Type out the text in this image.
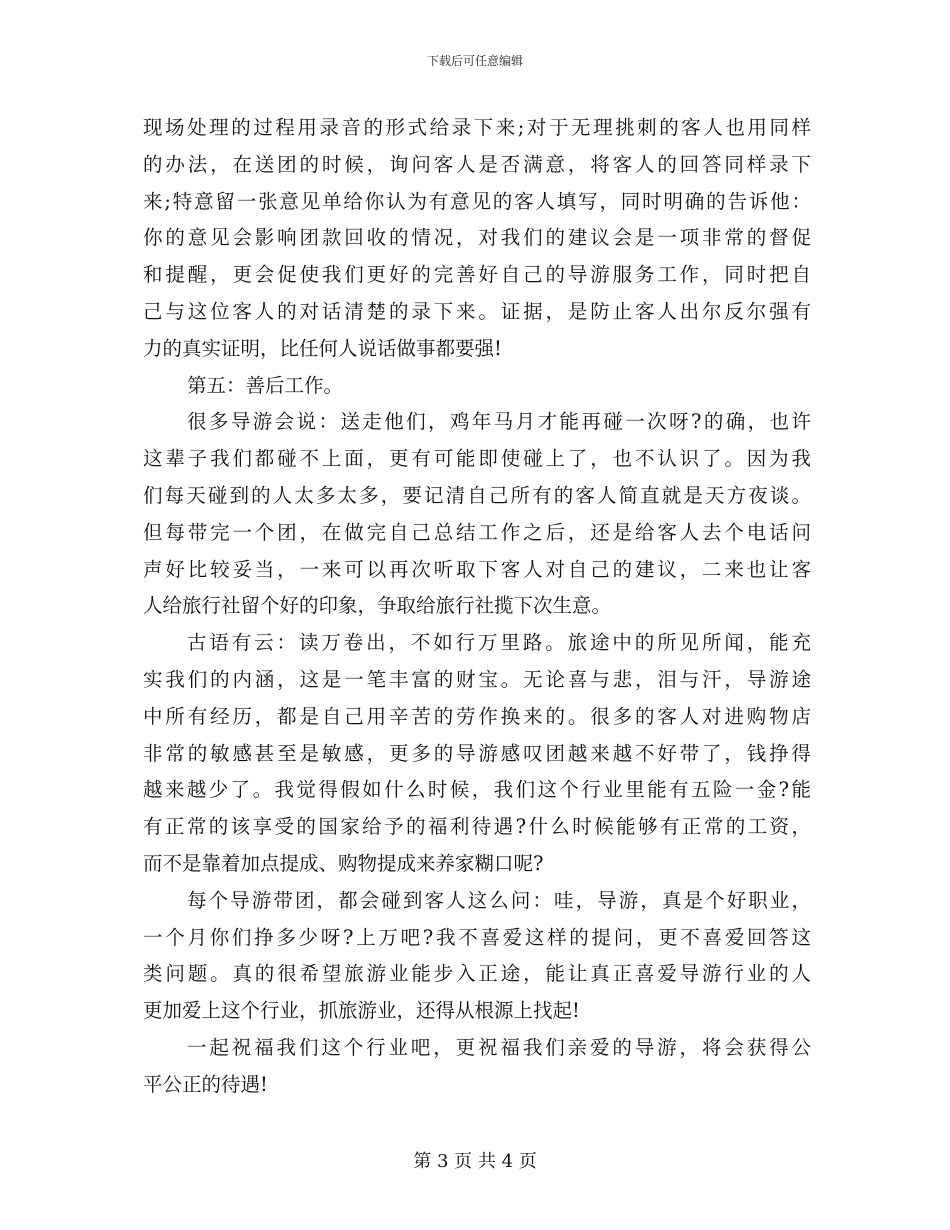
下载后可任意编辑
现场处理的过程用录音的形式给录下来;对于无理挑刺的客人也用同样
的办法，在送团的时候，询问客人是否满意，将客人的回答同样录下
来;特意留一张意见单给你认为有意见的客人填写，同时明确的告诉他：
你的意见会影响团款回收的情况，对我们的建议会是一项非常的督促
和提醒，更会促使我们更好的完善好自己的导游服务工作，同时把自
己与这位客人的对话清楚的录下来。证据，是防止客人出尔反尔强有
力的真实证明，比任何人说话做事都要强!
第五：善后工作。
很多导游会说：送走他们，鸡年马月才能再碰一次呀?的确，也许
这辈子我们都碰不上面，更有可能即使碰上了，也不认识了。因为我
们每天碰到的人太多太多，要记清自己所有的客人简直就是天方夜谈。
但每带完一个团，在做完自己总结工作之后，还是给客人去个电话问
声好比较妥当，一来可以再次听取下客人对自己的建议，二来也让客
人给旅行社留个好的印象，争取给旅行社揽下次生意。
古语有云：读万卷出，不如行万里路。旅途中的所见所闻，能充
实我们的内涵，这是一笔丰富的财宝。无论喜与悲，泪与汗，导游途
中所有经历，都是自己用辛苦的劳作换来的。很多的客人对进购物店
非常的敏感甚至是敏感，更多的导游感叹团越来越不好带了，钱挣得
越来越少了。我觉得假如什么时候，我们这个行业里能有五险一金?能
有正常的该享受的国家给予的福利待遇?什么时候能够有正常的工资，
而不是靠着加点提成、购物提成来养家糊口呢?
每个导游带团，都会碰到客人这么问：哇，导游，真是个好职业，
一个月你们挣多少呀?上万吧?我不喜爱这样的提问，更不喜爱回答这
类问题。真的很希望旅游业能步入正途，能让真正喜爱导游行业的人
更加爱上这个行业，抓旅游业，还得从根源上找起!
一起祝福我们这个行业吧，更祝福我们亲爱的导游，将会获得公
平公正的待遇!
第 3 页 共 4 页
